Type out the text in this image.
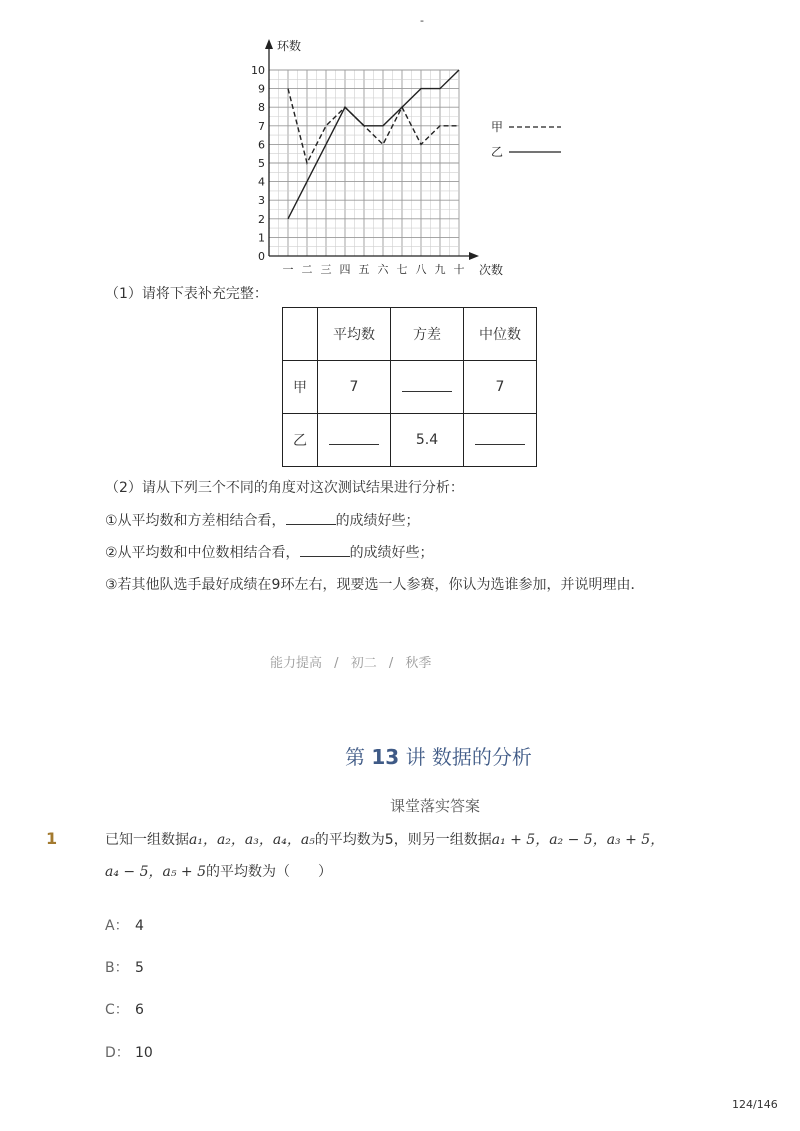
-
0
1
2
3
4
5
6
7
8
9
10
一 二 三 四 五 六 七 八 九 十
环数
次数
甲
乙
（1）请将下表补充完整：
	平均数	方差	中位数
甲	7		7
乙		5.4	
（2）请从下列三个不同的角度对这次测试结果进行分析：
①从平均数和方差相结合看，	的成绩好些；
②从平均数和中位数相结合看，	的成绩好些；
③若其他队选手最好成绩在9环左右，现要选一人参赛，你认为选谁参加，并说明理由．
能力提高 / 初二 / 秋季
第 13 讲 数据的分析
课堂落实答案
1	已知一组数据a₁，a₂，a₃，a₄，a₅的平均数为5，则另一组数据a₁ + 5，a₂ − 5，a₃ + 5，
a₄ − 5，a₅ + 5的平均数为（　　）
A： 4
B： 5
C： 6
D： 10
124/146
